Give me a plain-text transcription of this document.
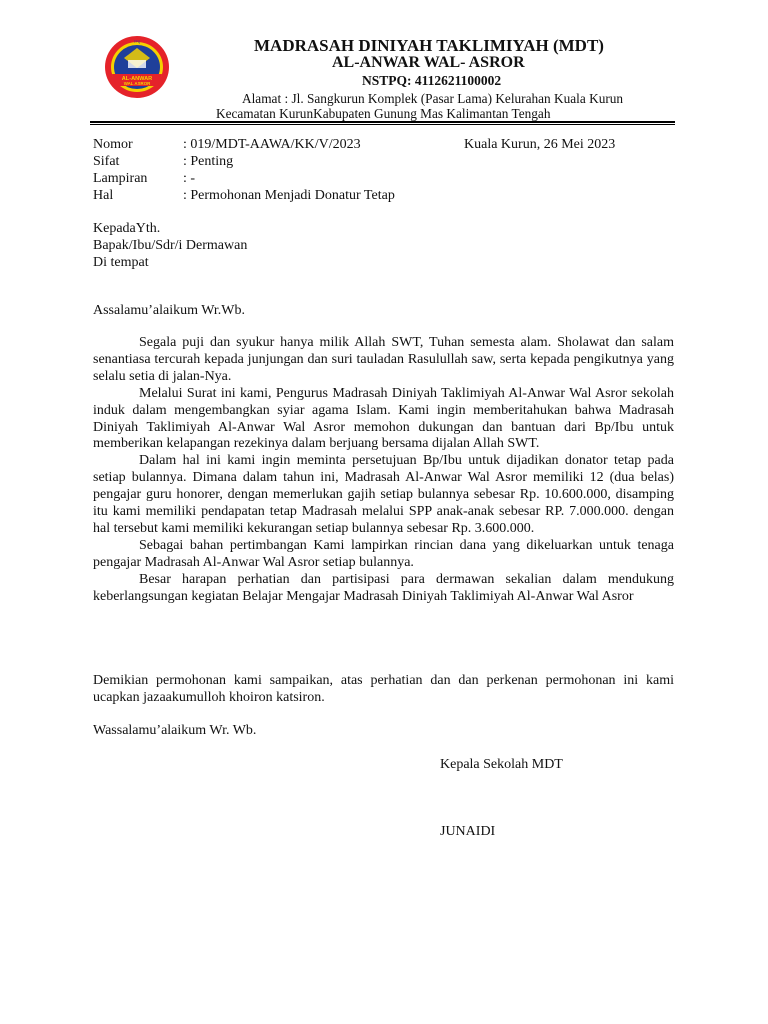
AL-ANWAR
WAL ASROR
TPQ	MADRASAH DINIYAH TAKLIMIYAH (MDT)
AL-ANWAR WAL- ASROR
NSTPQ: 4112621100002
Alamat : Jl. Sangkurun Komplek (Pasar Lama) Kelurahan Kuala Kurun
Kecamatan KurunKabupaten Gunung Mas Kalimantan Tengah
Nomor	: 019/MDT-AAWA/KK/V/2023
Sifat	: Penting
Lampiran	: -
Hal	: Permohonan Menjadi Donatur Tetap
Kuala Kurun, 26 Mei 2023
KepadaYth.
Bapak/Ibu/Sdr/i Dermawan
Di tempat
Assalamu’alaikum Wr.Wb.

Segala puji dan syukur hanya milik Allah SWT, Tuhan semesta alam. Sholawat dan salam senantiasa tercurah kepada junjungan dan suri tauladan Rasulullah saw, serta kepada pengikutnya yang selalu setia di jalan-Nya.

Melalui Surat ini kami, Pengurus Madrasah Diniyah Taklimiyah Al-Anwar Wal Asror sekolah induk dalam mengembangkan syiar agama Islam. Kami ingin memberitahukan bahwa Madrasah Diniyah Taklimiyah Al-Anwar Wal Asror memohon dukungan dan bantuan dari Bp/Ibu untuk memberikan kelapangan rezekinya dalam berjuang bersama dijalan Allah SWT.

Dalam hal ini kami ingin meminta persetujuan Bp/Ibu untuk dijadikan donator tetap pada setiap bulannya. Dimana dalam tahun ini, Madrasah Al-Anwar Wal Asror memiliki 12 (dua belas) pengajar guru honorer, dengan memerlukan gajih setiap bulannya sebesar Rp. 10.600.000, disamping itu kami memiliki pendapatan tetap Madrasah melalui SPP anak-anak sebesar RP. 7.000.000. dengan hal tersebut kami memiliki kekurangan setiap bulannya sebesar Rp. 3.600.000.

Sebagai bahan pertimbangan Kami lampirkan rincian dana yang dikeluarkan untuk tenaga pengajar Madrasah Al-Anwar Wal Asror setiap bulannya.

Besar harapan perhatian dan partisipasi para dermawan sekalian dalam mendukung keberlangsungan kegiatan Belajar Mengajar Madrasah Diniyah Taklimiyah Al-Anwar Wal Asror

Demikian permohonan kami sampaikan, atas perhatian dan dan perkenan permohonan ini kami ucapkan jazaakumulloh khoiron katsiron.

Wassalamu’alaikum Wr. Wb.
Kepala Sekolah MDT
JUNAIDI
